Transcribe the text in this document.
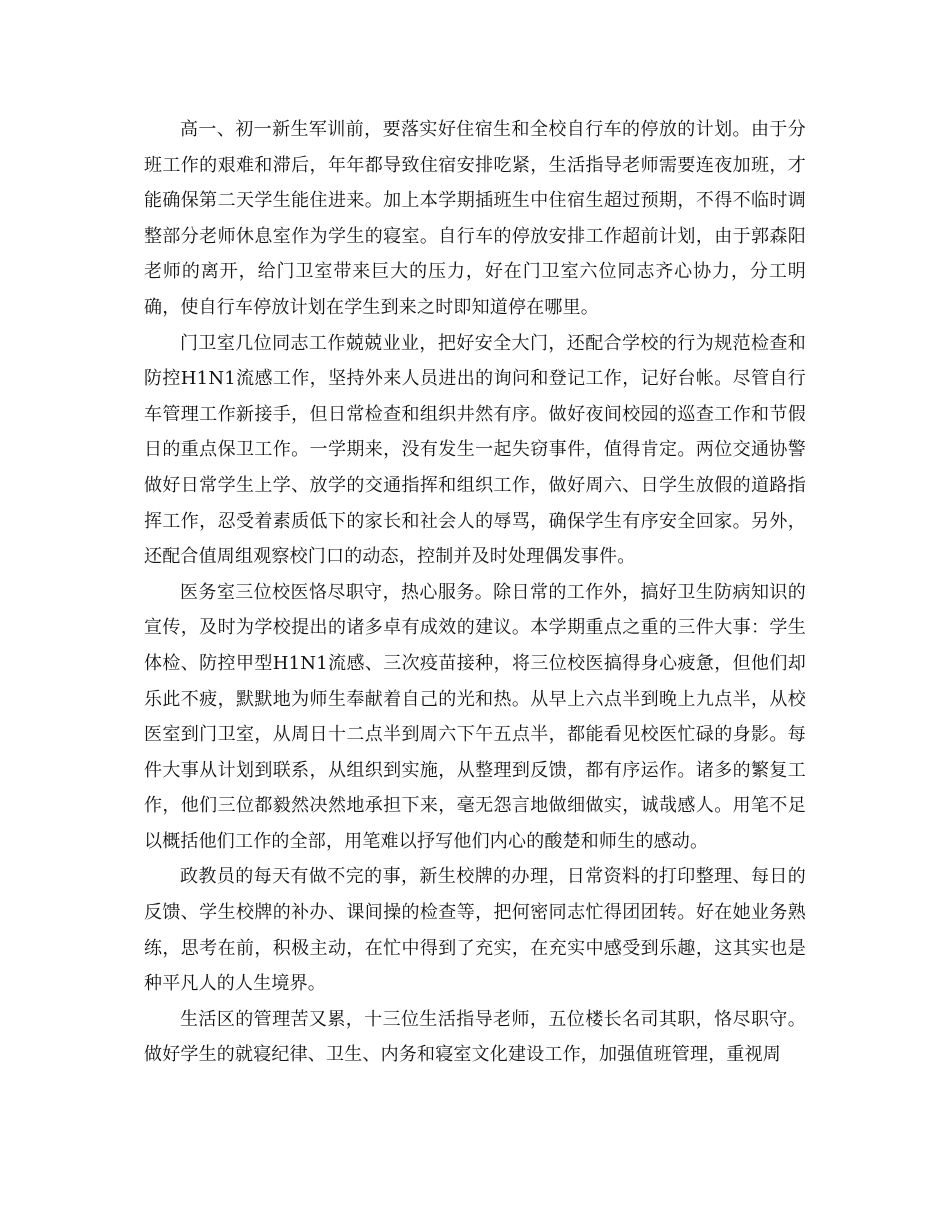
高一、初一新生军训前，要落实好住宿生和全校自行车的停放的计划。由于分班工作的艰难和滞后，年年都导致住宿安排吃紧，生活指导老师需要连夜加班，才能确保第二天学生能住进来。加上本学期插班生中住宿生超过预期，不得不临时调整部分老师休息室作为学生的寝室。自行车的停放安排工作超前计划，由于郭森阳老师的离开，给门卫室带来巨大的压力，好在门卫室六位同志齐心协力，分工明确，使自行车停放计划在学生到来之时即知道停在哪里。

门卫室几位同志工作兢兢业业，把好安全大门，还配合学校的行为规范检查和防控H1N1流感工作，坚持外来人员进出的询问和登记工作，记好台帐。尽管自行车管理工作新接手，但日常检查和组织井然有序。做好夜间校园的巡查工作和节假日的重点保卫工作。一学期来，没有发生一起失窃事件，值得肯定。两位交通协警做好日常学生上学、放学的交通指挥和组织工作，做好周六、日学生放假的道路指挥工作，忍受着素质低下的家长和社会人的辱骂，确保学生有序安全回家。另外，还配合值周组观察校门口的动态，控制并及时处理偶发事件。

医务室三位校医恪尽职守，热心服务。除日常的工作外，搞好卫生防病知识的宣传，及时为学校提出的诸多卓有成效的建议。本学期重点之重的三件大事：学生体检、防控甲型H1N1流感、三次疫苗接种，将三位校医搞得身心疲惫，但他们却乐此不疲，默默地为师生奉献着自己的光和热。从早上六点半到晚上九点半，从校医室到门卫室，从周日十二点半到周六下午五点半，都能看见校医忙碌的身影。每件大事从计划到联系，从组织到实施，从整理到反馈，都有序运作。诸多的繁复工作，他们三位都毅然决然地承担下来，毫无怨言地做细做实，诚哉感人。用笔不足以概括他们工作的全部，用笔难以抒写他们内心的酸楚和师生的感动。

政教员的每天有做不完的事，新生校牌的办理，日常资料的打印整理、每日的反馈、学生校牌的补办、课间操的检查等，把何密同志忙得团团转。好在她业务熟练，思考在前，积极主动，在忙中得到了充实，在充实中感受到乐趣，这其实也是种平凡人的人生境界。

生活区的管理苦又累，十三位生活指导老师，五位楼长名司其职，恪尽职守。做好学生的就寝纪律、卫生、内务和寝室文化建设工作，加强值班管理，重视周
